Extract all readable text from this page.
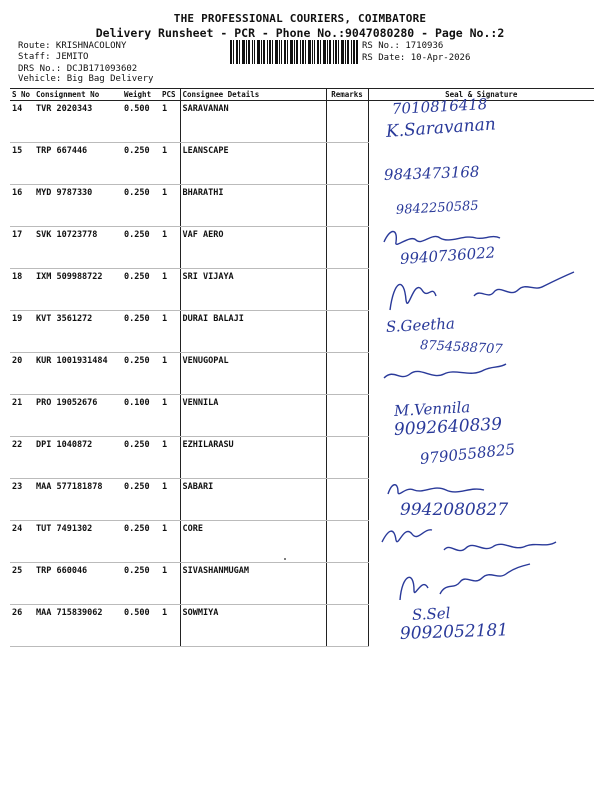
THE PROFESSIONAL COURIERS, COIMBATORE
Delivery Runsheet - PCR - Phone No.:9047080280 - Page No.:2
Route: KRISHNACOLONY
Staff: JEMITO
DRS No.: DCJB171093602
Vehicle: Big Bag Delivery
RS No.: 1710936
RS Date: 10-Apr-2026
S No	Consignment No	Weight	PCS	Consignee Details	Remarks	Seal & Signature
14	TVR 2020343	0.500	1	SARAVANAN		
15	TRP 667446	0.250	1	LEANSCAPE		
16	MYD 9787330	0.250	1	BHARATHI		
17	SVK 10723778	0.250	1	VAF AERO		
18	IXM 509988722	0.250	1	SRI VIJAYA		
19	KVT 3561272	0.250	1	DURAI BALAJI		
20	KUR 1001931484	0.250	1	VENUGOPAL		
21	PRO 19052676	0.100	1	VENNILA		
22	DPI 1040872	0.250	1	EZHILARASU		
23	MAA 577181878	0.250	1	SABARI		
24	TUT 7491302	0.250	1	CORE		
25	TRP 660046	0.250	1	SIVASHANMUGAM		
26	MAA 715839062	0.500	1	SOWMIYA		
7010816418
K.Saravanan
9843473168
9842250585
9940736022
S.Geetha
8754588707
M.Vennila
9092640839
9790558825
9942080827
S.Sel
9092052181
